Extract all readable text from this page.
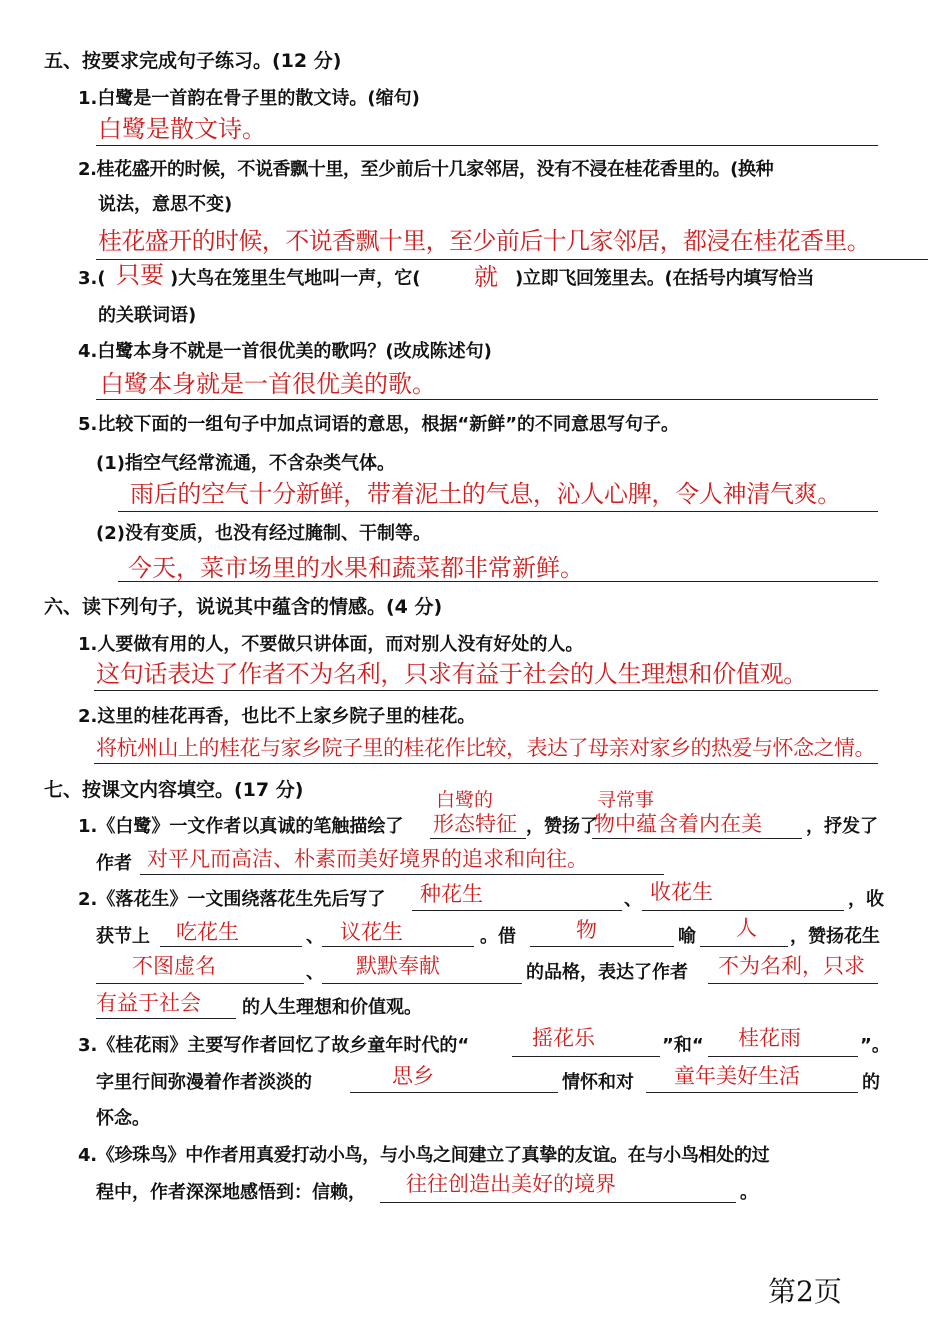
五、按要求完成句子练习。(12 分)
1.白鹭是一首韵在骨子里的散文诗。(缩句)
白鹭是散文诗。
2.桂花盛开的时候，不说香飘十里，至少前后十几家邻居，没有不浸在桂花香里的。(换种
说法，意思不变)
桂花盛开的时候，不说香飘十里，至少前后十几家邻居，都浸在桂花香里。
3.( 只要 )大鸟在笼里生气地叫一声，它( 就 )立即飞回笼里去。(在括号内填写恰当
的关联词语)
4.白鹭本身不就是一首很优美的歌吗？(改成陈述句)
白鹭本身就是一首很优美的歌。
5.比较下面的一组句子中加点词语的意思，根据“新鲜”的不同意思写句子。
(1)指空气经常流通，不含杂类气体。
雨后的空气十分新鲜，带着泥土的气息，沁人心脾，令人神清气爽。
(2)没有变质，也没有经过腌制、干制等。
今天，菜市场里的水果和蔬菜都非常新鲜。
六、读下列句子，说说其中蕴含的情感。(4 分)
1.人要做有用的人，不要做只讲体面，而对别人没有好处的人。
这句话表达了作者不为名利，只求有益于社会的人生理想和价值观。
2.这里的桂花再香，也比不上家乡院子里的桂花。
将杭州山上的桂花与家乡院子里的桂花作比较，表达了母亲对家乡的热爱与怀念之情。
七、按课文内容填空。(17 分)	白鹭的	寻常事
1.《白鹭》一文作者以真诚的笔触描绘了 形态特征 ，赞扬了
物中蕴含着内在美 ，抒发了
作者 对平凡而高洁、朴素而美好境界的追求和向往。
2.《落花生》一文围绕落花生先后写了 种花生	、 收花生	，收
获节上 吃花生	、 议花生	。借	物	喻 人 ，赞扬花生
不图虚名	、 默默奉献	的品格，表达了作者 不为名利，只求
有益于社会 的人生理想和价值观。
3.《桂花雨》主要写作者回忆了故乡童年时代的“	摇花乐	”和“ 桂花雨	”。
字里行间弥漫着作者淡淡的	思乡	情怀和对 童年美好生活	的
怀念。
4.《珍珠鸟》中作者用真爱打动小鸟，与小鸟之间建立了真挚的友谊。在与小鸟相处的过
程中，作者深深地感悟到：信赖， 往往创造出美好的境界	。
第2页
